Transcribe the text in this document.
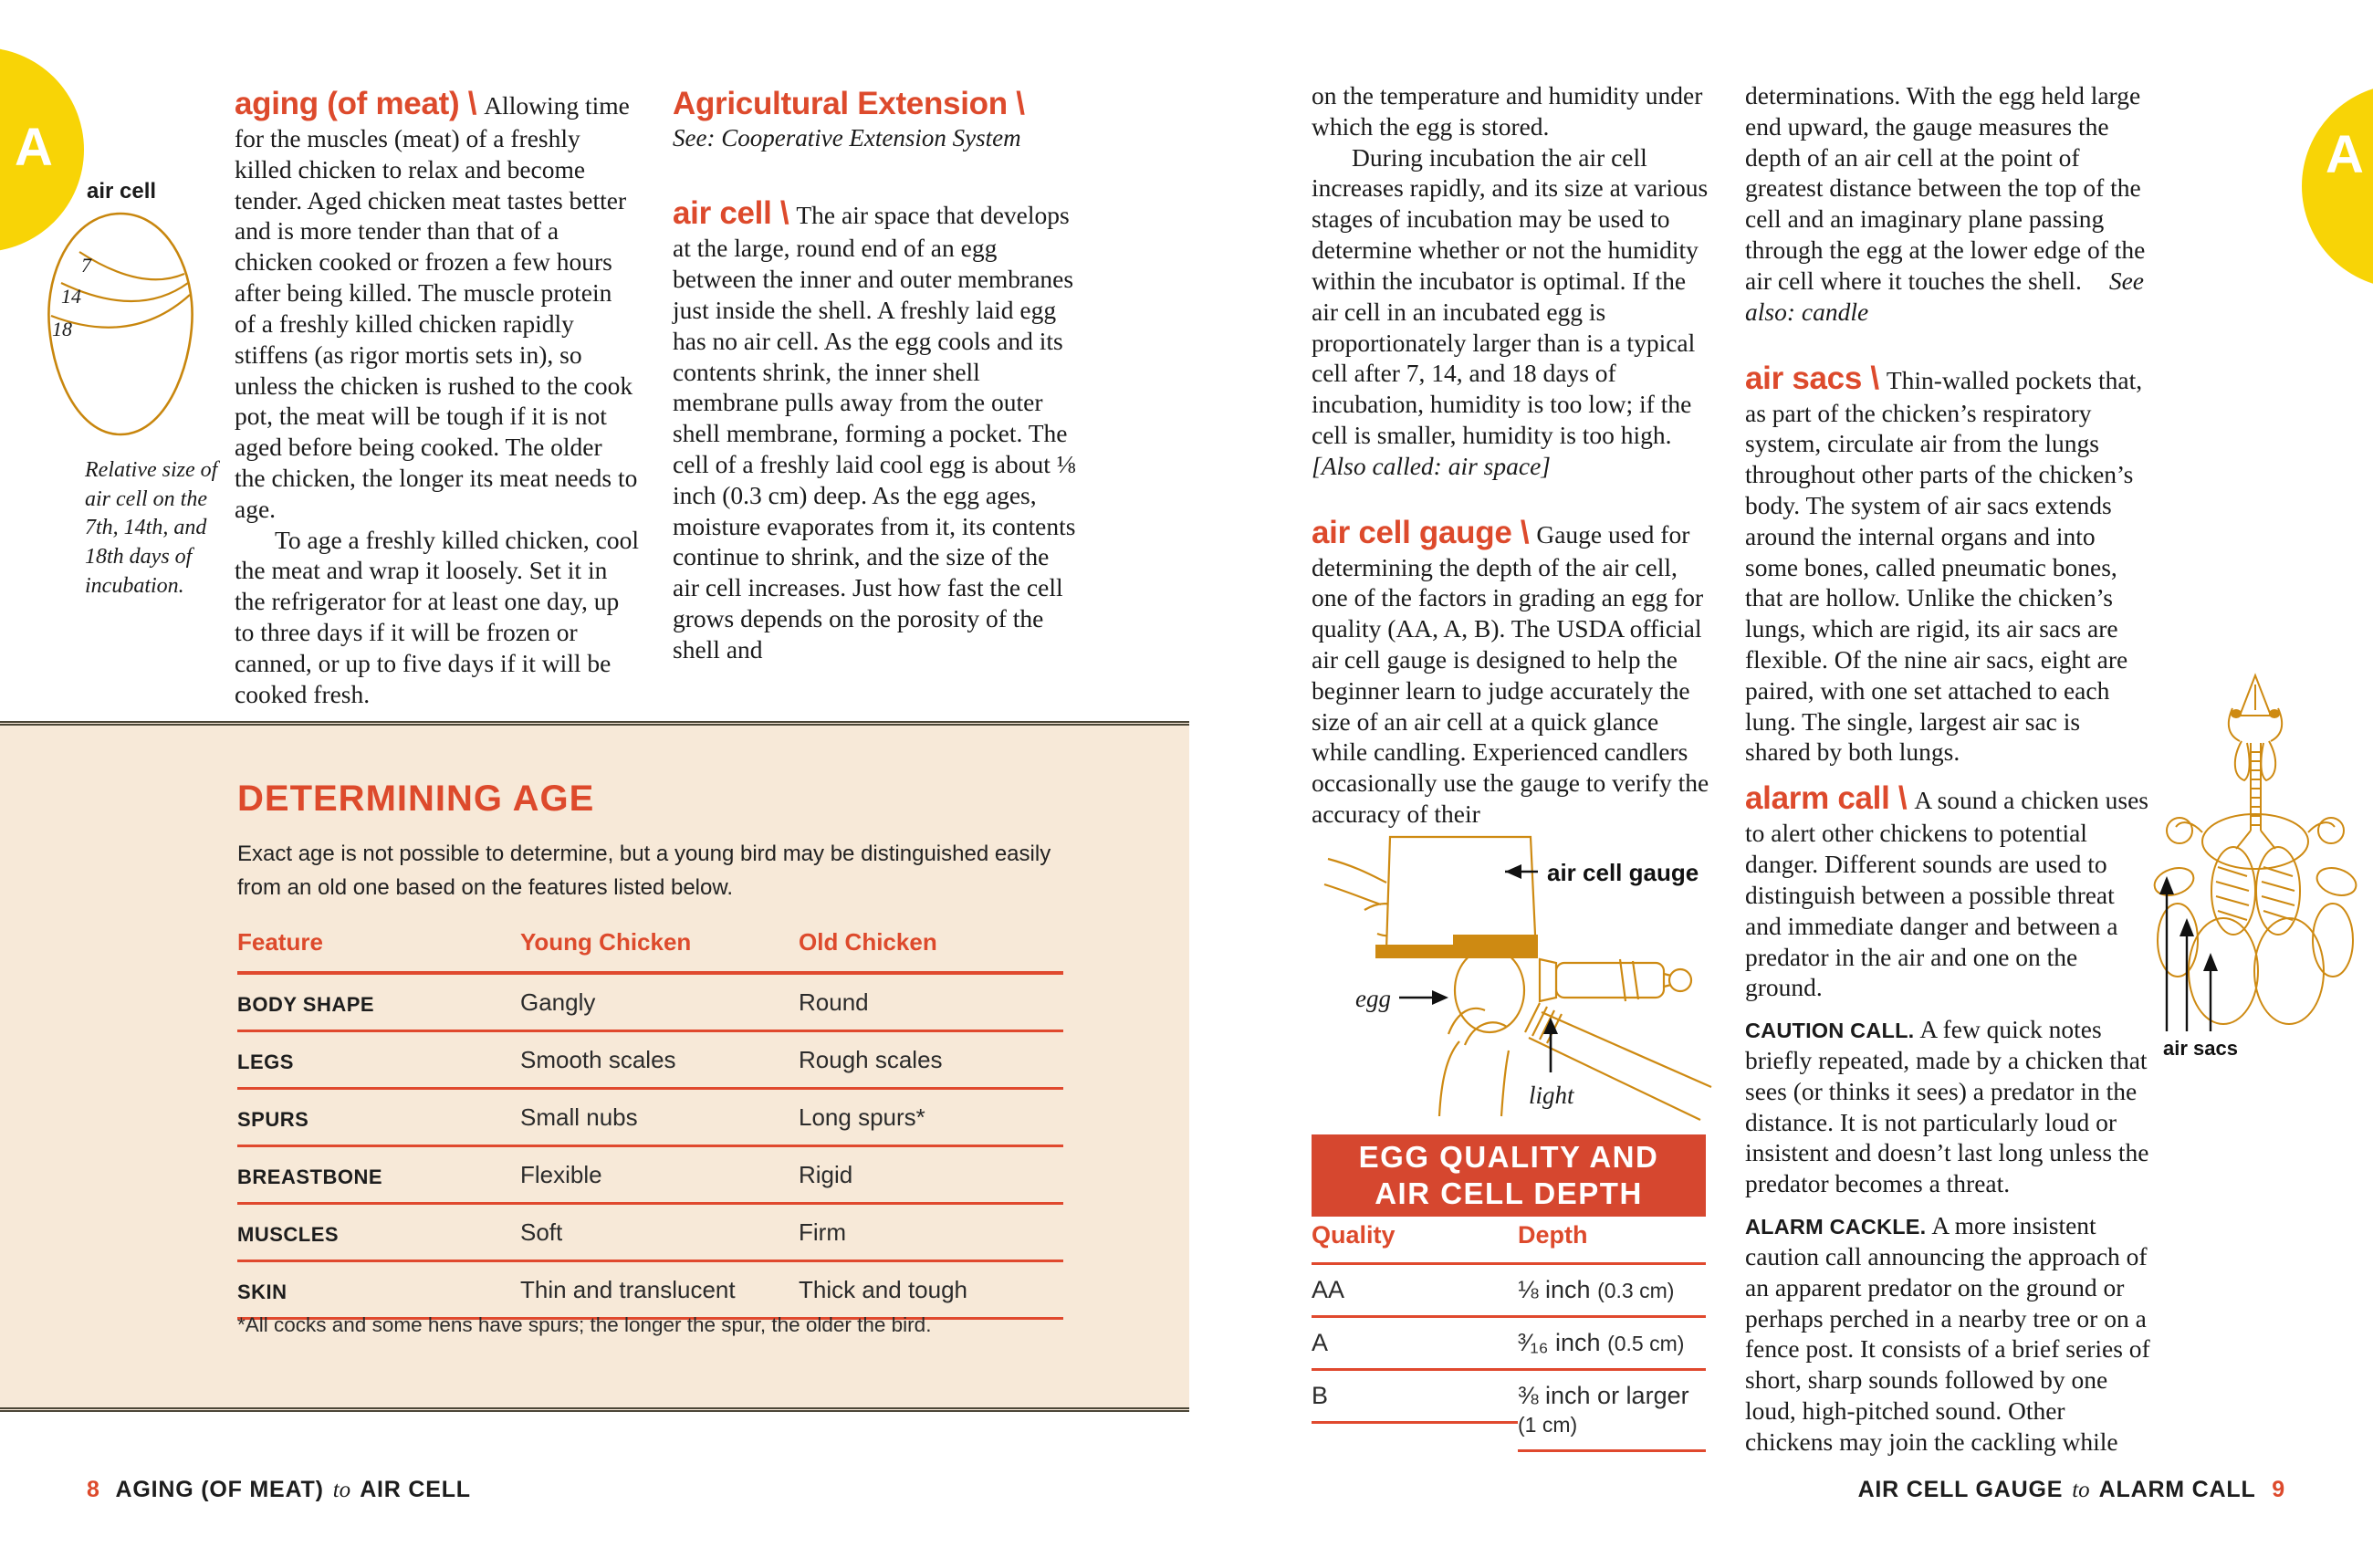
A	A
air cell
7
14
18
Relative size of air cell on the 7th, 14th, and 18th days of incubation.

aging (of meat) \ Allowing time for the muscles (meat) of a freshly killed chicken to relax and become tender. Aged chicken meat tastes better and is more tender than that of a chicken cooked or frozen a few hours after being killed. The muscle protein of a freshly killed chicken rapidly stiffens (as rigor mortis sets in), so unless the chicken is rushed to the cook pot, the meat will be tough if it is not aged before being cooked. The older the chicken, the longer its meat needs to age.

To age a freshly killed chicken, cool the meat and wrap it loosely. Set it in the refrigerator for at least one day, up to three days if it will be frozen or canned, or up to five days if it will be cooked fresh.

Agricultural Extension \

See: Cooperative Extension System

air cell \ The air space that develops at the large, round end of an egg between the inner and outer membranes just inside the shell. A freshly laid egg has no air cell. As the egg cools and its contents shrink, the inner shell membrane pulls away from the outer shell membrane, forming a pocket. The cell of a freshly laid cool egg is about ⅛ inch (0.3 cm) deep. As the egg ages, moisture evaporates from it, its contents continue to shrink, and the size of the air cell increases. Just how fast the cell grows depends on the porosity of the shell and

on the temperature and humidity under which the egg is stored.

During incubation the air cell increases rapidly, and its size at various stages of incubation may be used to determine whether or not the humidity within the incubator is optimal. If the air cell in an incubated egg is proportionately larger than is a typical cell after 7, 14, and 18 days of incubation, humidity is too low; if the cell is smaller, humidity is too high.

[Also called: air space]

air cell gauge \ Gauge used for determining the depth of the air cell, one of the factors in grading an egg for quality (AA, A, B). The USDA official air cell gauge is designed to help the beginner learn to judge accurately the size of an air cell at a quick glance while candling. Experienced candlers occasionally use the gauge to verify the accuracy of their

determinations. With the egg held large end upward, the gauge measures the depth of an air cell at the point of greatest distance between the top of the cell and an imaginary plane passing through the egg at the lower edge of the air cell where it touches the shell. See also: candle

air sacs \ Thin-walled pockets that, as part of the chicken’s respiratory system, circulate air from the lungs throughout other parts of the chicken’s body. The system of air sacs extends around the internal organs and into some bones, called pneumatic bones, that are hollow. Unlike the chicken’s lungs, which are rigid, its air sacs are flexible. Of the nine air sacs, eight are paired, with one set attached to each lung. The single, largest air sac is shared by both lungs.

alarm call \ A sound a chicken uses to alert other chickens to potential danger. Different sounds are used to distinguish between a possible threat and immediate danger and between a predator in the air and one on the ground.

CAUTION CALL. A few quick notes briefly repeated, made by a chicken that sees (or thinks it sees) a predator in the distance. It is not particularly loud or insistent and doesn’t last long unless the predator becomes a threat.

ALARM CACKLE. A more insistent caution call announcing the approach of an apparent predator on the ground or perhaps perched in a nearby tree or on a fence post. It consists of a brief series of short, sharp sounds followed by one loud, high-pitched sound. Other chickens may join the cackling while

DETERMINING AGE
Exact age is not possible to determine, but a young bird may be distinguished easily from an old one based on the features listed below.
Feature	Young Chicken	Old Chicken
BODY SHAPE	Gangly	Round
LEGS	Smooth scales	Rough scales
SPURS	Small nubs	Long spurs*
BREASTBONE	Flexible	Rigid
MUSCLES	Soft	Firm
SKIN	Thin and translucent	Thick and tough
*All cocks and some hens have spurs; the longer the spur, the older the bird.
air cell gauge
egg
light
EGG QUALITY AND
AIR CELL DEPTH
Quality	Depth
AA	⅛ inch (0.3 cm)
A	³⁄₁₆ inch (0.5 cm)
B	⅜ inch or larger (1 cm)
air sacs
8 AGING (OF MEAT) to AIR CELL	AIR CELL GAUGE to ALARM CALL 9
